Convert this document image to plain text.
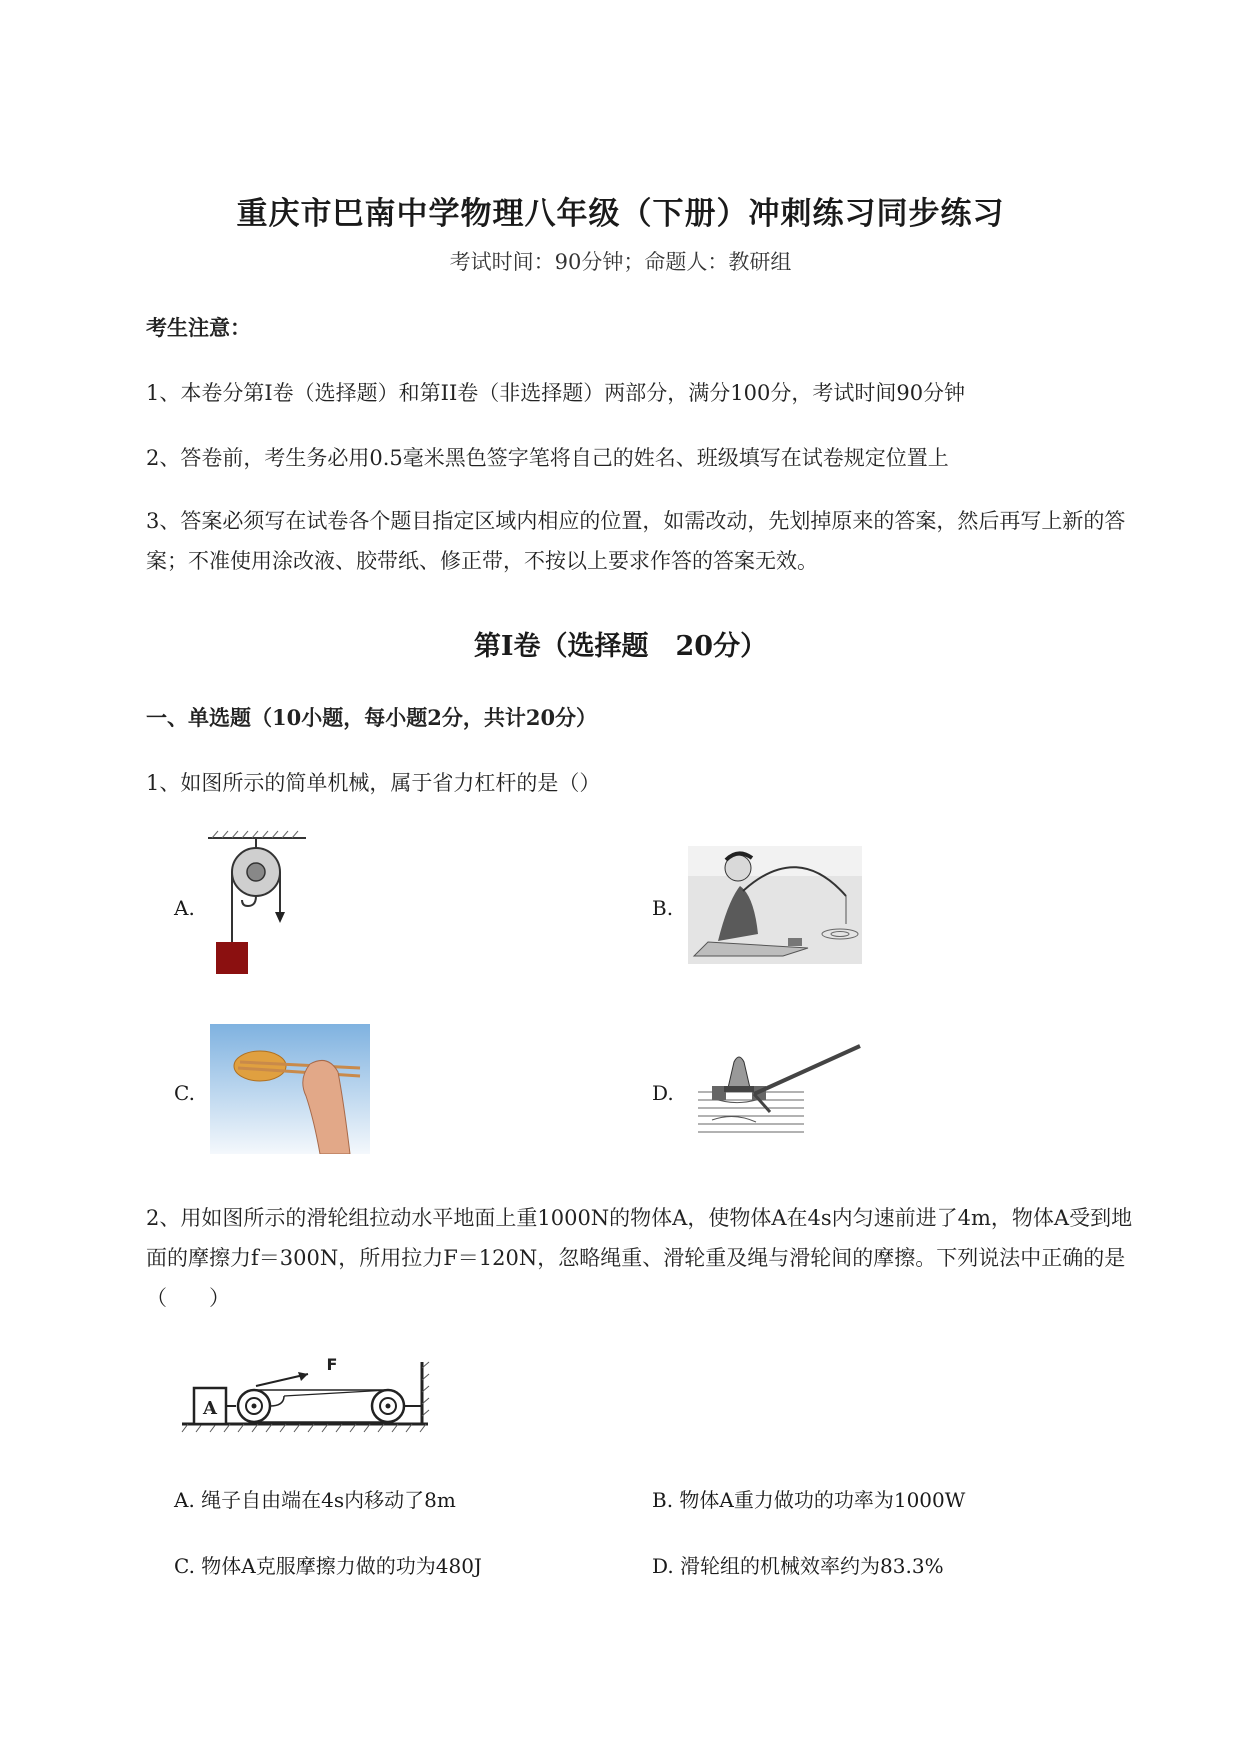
重庆市巴南中学物理八年级（下册）冲刺练习同步练习
考试时间：90分钟；命题人：教研组
考生注意：
1、本卷分第I卷（选择题）和第II卷（非选择题）两部分，满分100分，考试时间90分钟
2、答卷前，考生务必用0.5毫米黑色签字笔将自己的姓名、班级填写在试卷规定位置上
3、答案必须写在试卷各个题目指定区域内相应的位置，如需改动，先划掉原来的答案，然后再写上新的答案；不准使用涂改液、胶带纸、修正带，不按以上要求作答的答案无效。
第I卷（选择题　20分）
一、单选题（10小题，每小题2分，共计20分）
1、如图所示的简单机械，属于省力杠杆的是（）
A.	B.
C.	D.
2、用如图所示的滑轮组拉动水平地面上重1000N的物体A，使物体A在4s内匀速前进了4m，物体A受到地面的摩擦力f＝300N，所用拉力F＝120N，忽略绳重、滑轮重及绳与滑轮间的摩擦。下列说法中正确的是（　　）
A
F
A. 绳子自由端在4s内移动了8m	B. 物体A重力做功的功率为1000W
C. 物体A克服摩擦力做的功为480J	D. 滑轮组的机械效率约为83.3%
